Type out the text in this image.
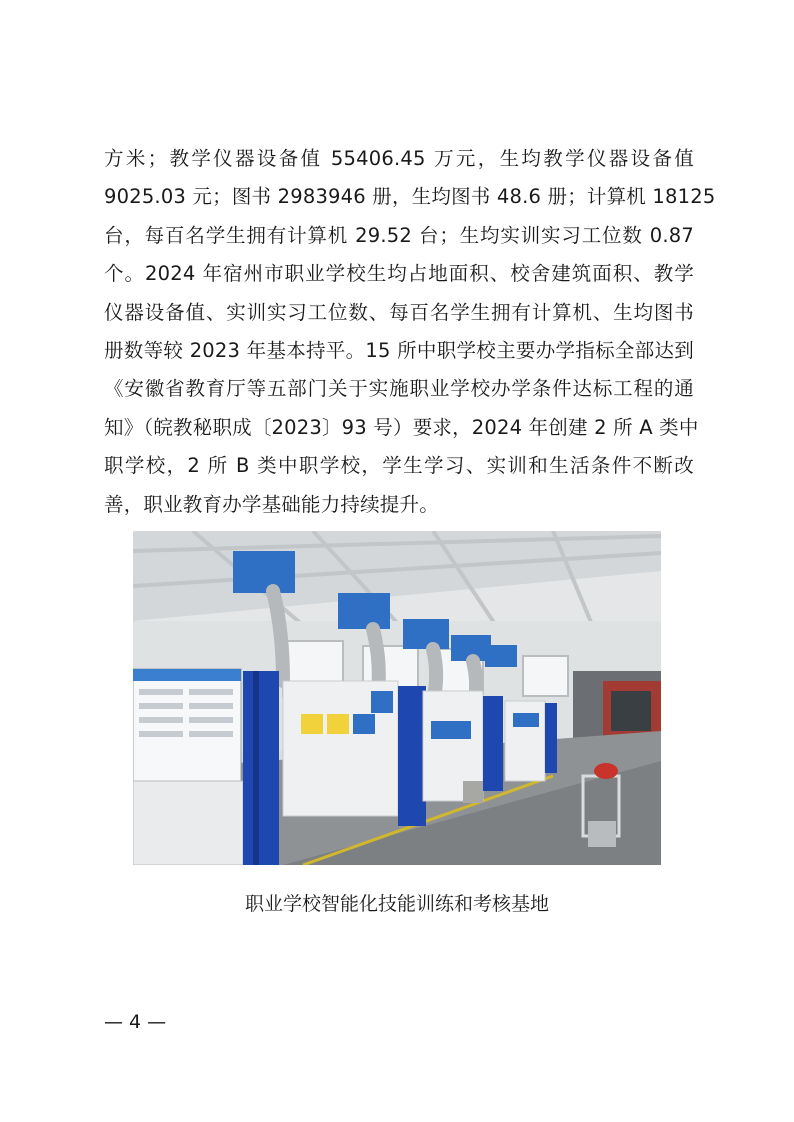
方米；教学仪器设备值 55406.45 万元，生均教学仪器设备值
9025.03 元；图书 2983946 册，生均图书 48.6 册；计算机 18125
台，每百名学生拥有计算机 29.52 台；生均实训实习工位数 0.87
个。2024 年宿州市职业学校生均占地面积、校舍建筑面积、教学
仪器设备值、实训实习工位数、每百名学生拥有计算机、生均图书
册数等较 2023 年基本持平。15 所中职学校主要办学指标全部达到
《安徽省教育厅等五部门关于实施职业学校办学条件达标工程的通
知》（皖教秘职成〔2023〕93 号）要求，2024 年创建 2 所 A 类中
职学校，2 所 B 类中职学校，学生学习、实训和生活条件不断改
善，职业教育办学基础能力持续提升。
职业学校智能化技能训练和考核基地
— 4 —
